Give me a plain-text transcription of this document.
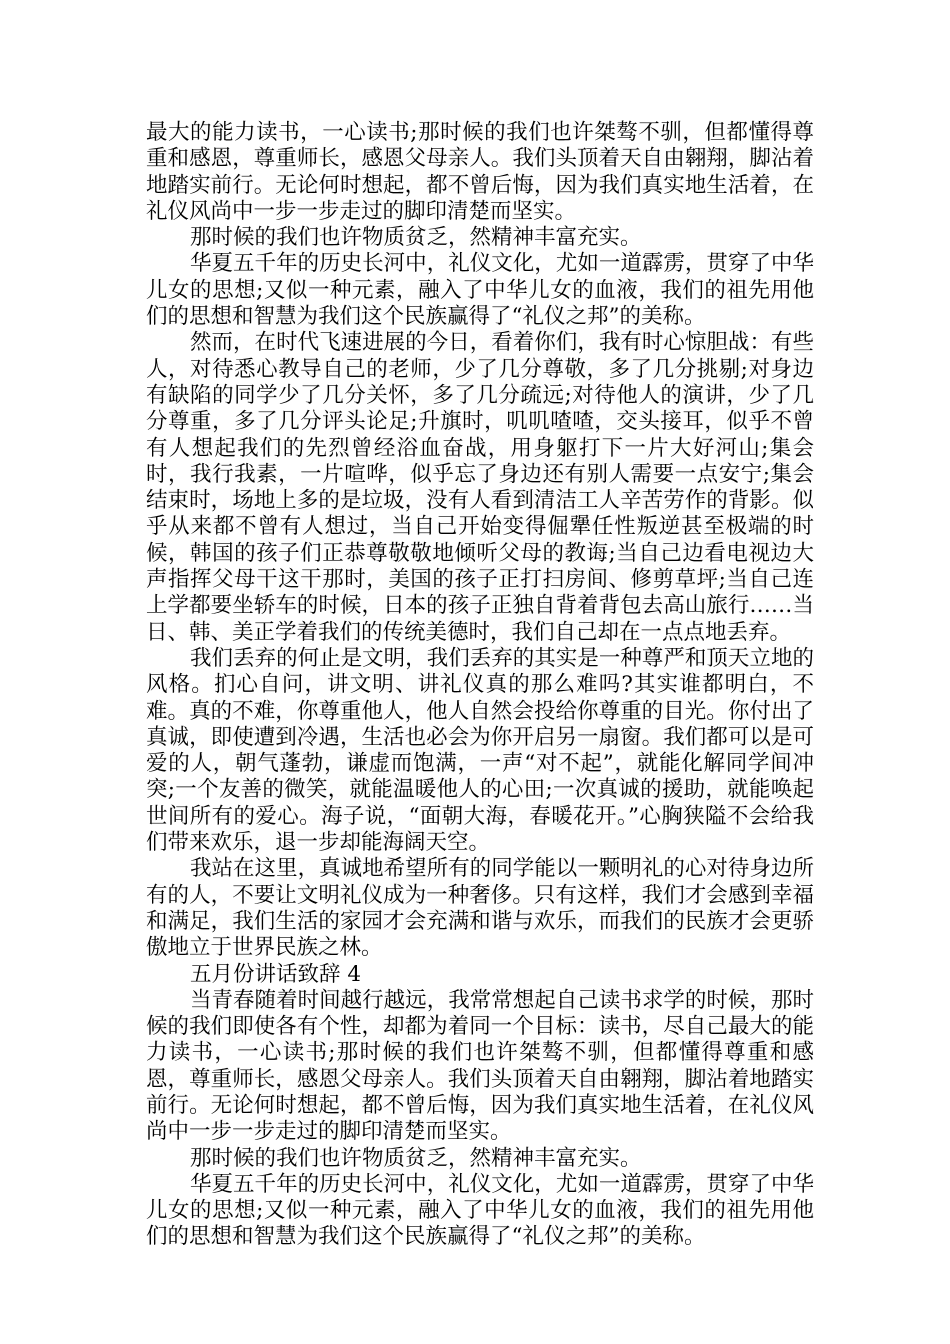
最大的能力读书，一心读书;那时候的我们也许桀骜不驯，但都懂得尊重和感恩，尊重师长，感恩父母亲人。我们头顶着天自由翱翔，脚沾着地踏实前行。无论何时想起，都不曾后悔，因为我们真实地生活着，在礼仪风尚中一步一步走过的脚印清楚而坚实。

那时候的我们也许物质贫乏，然精神丰富充实。

华夏五千年的历史长河中，礼仪文化，尤如一道霹雳，贯穿了中华儿女的思想;又似一种元素，融入了中华儿女的血液，我们的祖先用他们的思想和智慧为我们这个民族赢得了“礼仪之邦”的美称。

然而，在时代飞速进展的今日，看着你们，我有时心惊胆战：有些人，对待悉心教导自己的老师，少了几分尊敬，多了几分挑剔;对身边有缺陷的同学少了几分关怀，多了几分疏远;对待他人的演讲，少了几分尊重，多了几分评头论足;升旗时，叽叽喳喳，交头接耳，似乎不曾有人想起我们的先烈曾经浴血奋战，用身躯打下一片大好河山;集会时，我行我素，一片喧哗，似乎忘了身边还有别人需要一点安宁;集会结束时，场地上多的是垃圾，没有人看到清洁工人辛苦劳作的背影。似乎从来都不曾有人想过，当自己开始变得倔犟任性叛逆甚至极端的时候，韩国的孩子们正恭尊敬敬地倾听父母的教诲;当自己边看电视边大声指挥父母干这干那时，美国的孩子正打扫房间、修剪草坪;当自己连上学都要坐轿车的时候，日本的孩子正独自背着背包去高山旅行……当日、韩、美正学着我们的传统美德时，我们自己却在一点点地丢弃。

我们丢弃的何止是文明，我们丢弃的其实是一种尊严和顶天立地的风格。扪心自问，讲文明、讲礼仪真的那么难吗?其实谁都明白，不难。真的不难，你尊重他人，他人自然会投给你尊重的目光。你付出了真诚，即使遭到冷遇，生活也必会为你开启另一扇窗。我们都可以是可爱的人，朝气蓬勃，谦虚而饱满，一声“对不起”，就能化解同学间冲突;一个友善的微笑，就能温暖他人的心田;一次真诚的援助，就能唤起世间所有的爱心。海子说，“面朝大海，春暖花开。”心胸狭隘不会给我们带来欢乐，退一步却能海阔天空。

我站在这里，真诚地希望所有的同学能以一颗明礼的心对待身边所有的人，不要让文明礼仪成为一种奢侈。只有这样，我们才会感到幸福和满足，我们生活的家园才会充满和谐与欢乐，而我们的民族才会更骄傲地立于世界民族之林。

五月份讲话致辞 4

当青春随着时间越行越远，我常常想起自己读书求学的时候，那时候的我们即使各有个性，却都为着同一个目标：读书，尽自己最大的能力读书，一心读书;那时候的我们也许桀骜不驯，但都懂得尊重和感恩，尊重师长，感恩父母亲人。我们头顶着天自由翱翔，脚沾着地踏实前行。无论何时想起，都不曾后悔，因为我们真实地生活着，在礼仪风尚中一步一步走过的脚印清楚而坚实。

那时候的我们也许物质贫乏，然精神丰富充实。

华夏五千年的历史长河中，礼仪文化，尤如一道霹雳，贯穿了中华儿女的思想;又似一种元素，融入了中华儿女的血液，我们的祖先用他们的思想和智慧为我们这个民族赢得了“礼仪之邦”的美称。
